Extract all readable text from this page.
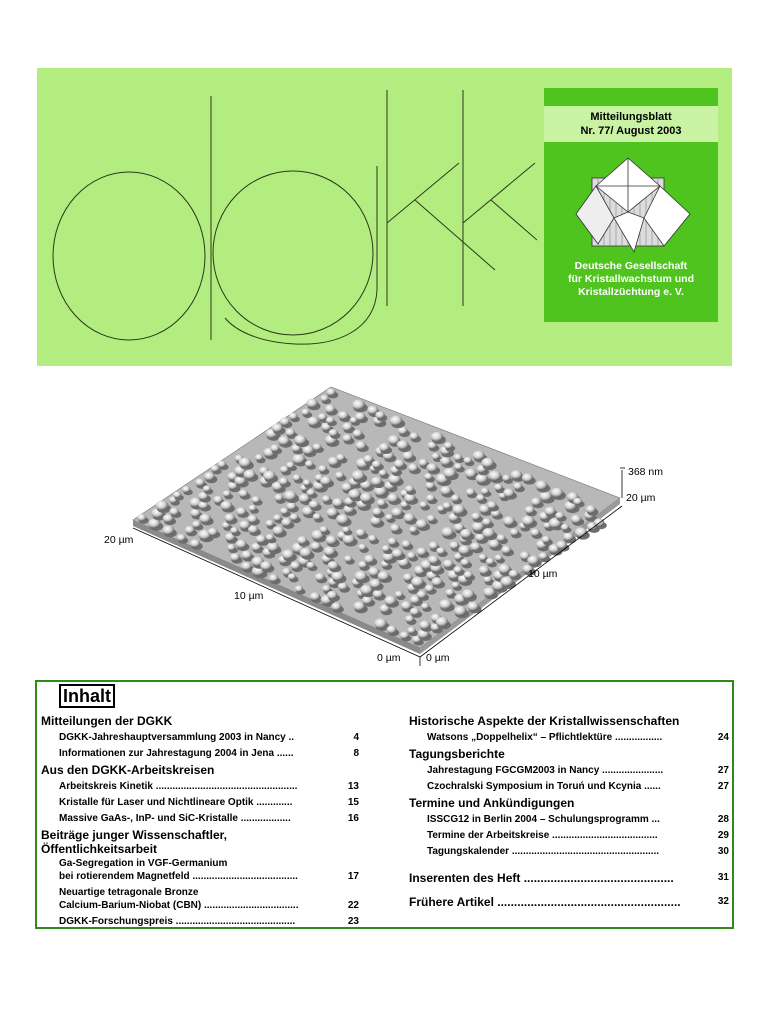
Mitteilungsblatt
Nr. 77/ August 2003
Deutsche Gesellschaft
für Kristallwachstum und
Kristallzüchtung e. V.
368 nm
20 µm
10 µm
20 µm
10 µm
0 µm 0 µm
Inhalt
Mitteilungen der DGKK
DGKK-Jahreshauptversammlung 2003 in Nancy ..	4
Informationen zur Jahrestagung 2004 in Jena ......	8
Aus den DGKK-Arbeitskreisen
Arbeitskreis Kinetik ...................................................	13
Kristalle für Laser und Nichtlineare Optik .............	15
Massive GaAs-, InP- und SiC-Kristalle ..................	16
Beiträge junger Wissenschaftler,
Öffentlichkeitsarbeit
Ga-Segregation in VGF-Germanium
bei rotierendem Magnetfeld ......................................	17
Neuartige tetragonale Bronze
Calcium-Barium-Niobat (CBN) ..................................	22
DGKK-Forschungspreis ...........................................	23
Historische Aspekte der Kristallwissenschaften
Watsons „Doppelhelix“ – Pflichtlektüre .................	24
Tagungsberichte
Jahrestagung FGCGM2003 in Nancy ......................	27
Czochralski Symposium in Toruń und Kcynia ......	27
Termine und Ankündigungen
ISSCG12 in Berlin 2004 – Schulungsprogramm ...	28
Termine der Arbeitskreise ......................................	29
Tagungskalender .....................................................	30
Inserenten des Heft .............................................	31
Frühere Artikel .......................................................	32
